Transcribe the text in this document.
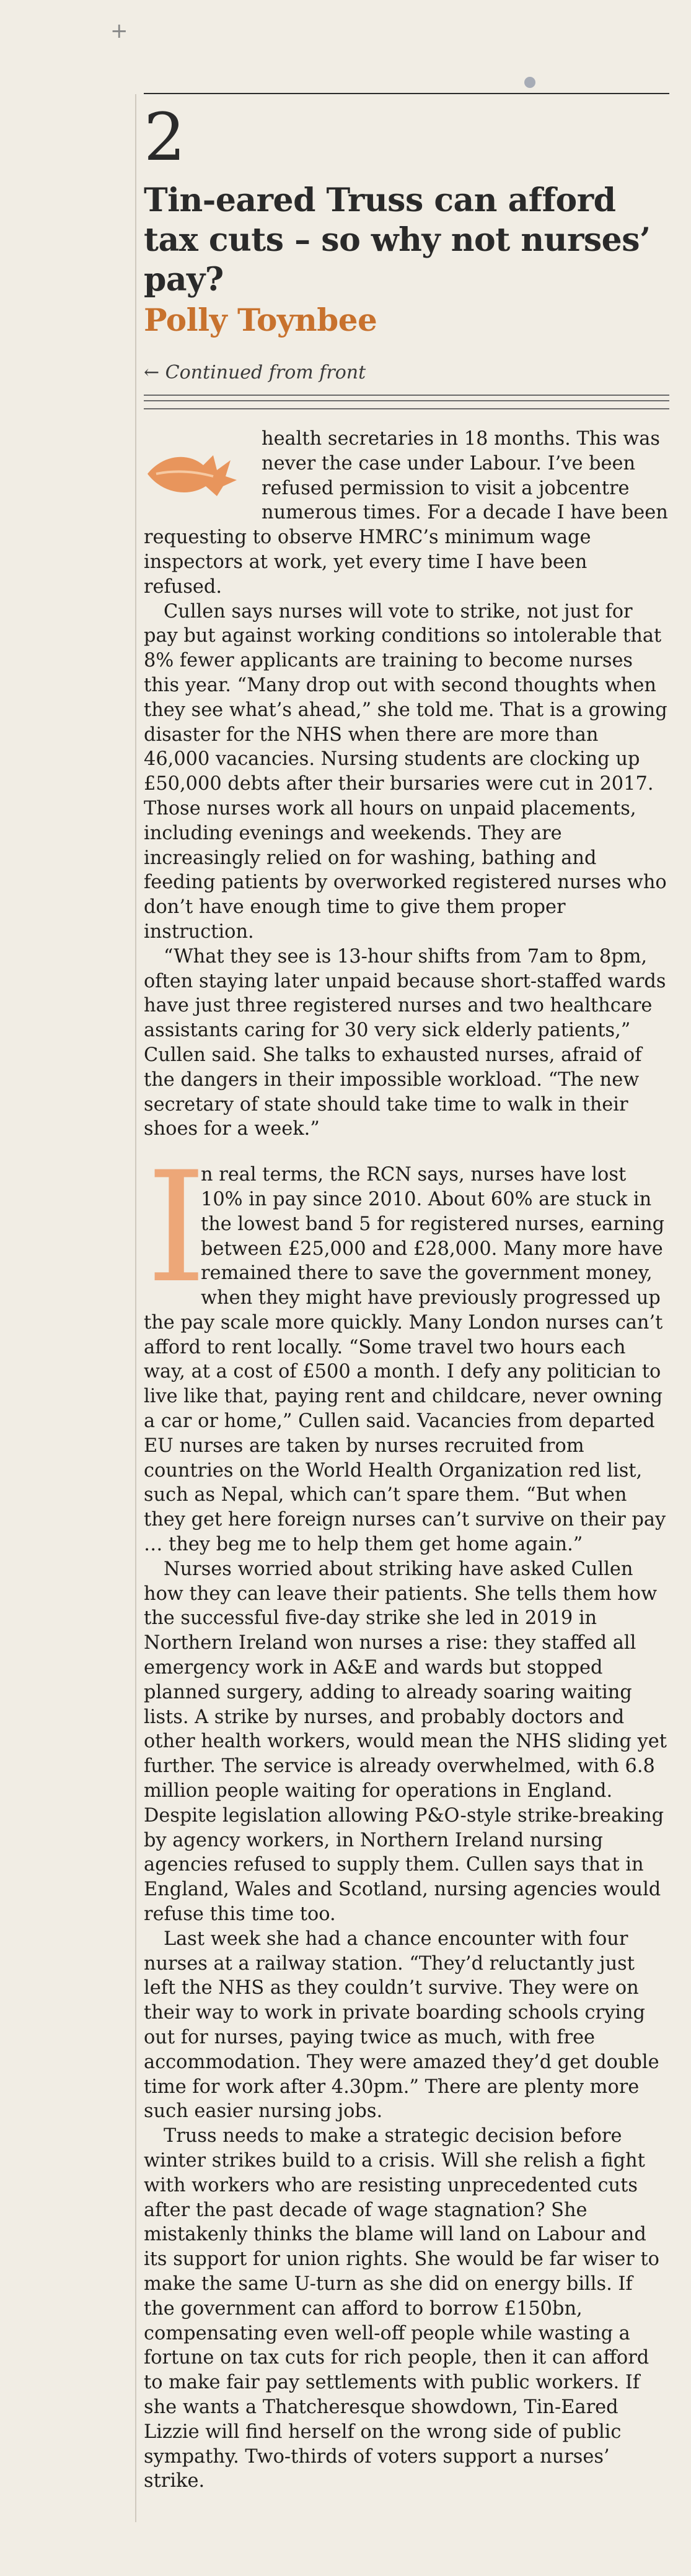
+
2
Tin-eared Truss can afford tax cuts – so why not nurses’ pay?
Polly Toynbee
← Continued from front

health secretaries in 18 months. This was never the case under Labour. I’ve been refused permission to visit a jobcentre numerous times. For a decade I have been requesting to observe HMRC’s minimum wage inspectors at work, yet every time I have been refused.

Cullen says nurses will vote to strike, not just for pay but against working conditions so intolerable that 8% fewer applicants are training to become nurses this year. “Many drop out with second thoughts when they see what’s ahead,” she told me. That is a growing disaster for the NHS when there are more than 46,000 vacancies. Nursing students are clocking up £50,000 debts after their bursaries were cut in 2017. Those nurses work all hours on unpaid placements, including evenings and weekends. They are increasingly relied on for washing, bathing and feeding patients by overworked registered nurses who don’t have enough time to give them proper instruction.

“What they see is 13-hour shifts from 7am to 8pm, often staying later unpaid because short-staffed wards have just three registered nurses and two healthcare assistants caring for 30 very sick elderly patients,” Cullen said. She talks to exhausted nurses, afraid of the dangers in their impossible workload. “The new secretary of state should take time to walk in their shoes for a week.”

I
n real terms, the RCN says, nurses have lost 10% in pay since 2010. About 60% are stuck in the lowest band 5 for registered nurses, earning between £25,000 and £28,000. Many more have remained there to save the government money, when they might have previously progressed up the pay scale more quickly. Many London nurses can’t afford to rent locally. “Some travel two hours each way, at a cost of £500 a month. I defy any politician to live like that, paying rent and childcare, never owning a car or home,” Cullen said. Vacancies from departed EU nurses are taken by nurses recruited from countries on the World Health Organization red list, such as Nepal, which can’t spare them. “But when they get here foreign nurses can’t survive on their pay … they beg me to help them get home again.”

Nurses worried about striking have asked Cullen how they can leave their patients. She tells them how the successful five-day strike she led in 2019 in Northern Ireland won nurses a rise: they staffed all emergency work in A&E and wards but stopped planned surgery, adding to already soaring waiting lists. A strike by nurses, and probably doctors and other health workers, would mean the NHS sliding yet further. The service is already overwhelmed, with 6.8 million people waiting for operations in England. Despite legislation allowing P&O-style strike-breaking by agency workers, in Northern Ireland nursing agencies refused to supply them. Cullen says that in England, Wales and Scotland, nursing agencies would refuse this time too.

Last week she had a chance encounter with four nurses at a railway station. “They’d reluctantly just left the NHS as they couldn’t survive. They were on their way to work in private boarding schools crying out for nurses, paying twice as much, with free accommodation. They were amazed they’d get double time for work after 4.30pm.” There are plenty more such easier nursing jobs.

Truss needs to make a strategic decision before winter strikes build to a crisis. Will she relish a fight with workers who are resisting unprecedented cuts after the past decade of wage stagnation? She mistakenly thinks the blame will land on Labour and its support for union rights. She would be far wiser to make the same U-turn as she did on energy bills. If the government can afford to borrow £150bn, compensating even well-off people while wasting a fortune on tax cuts for rich people, then it can afford to make fair pay settlements with public workers. If she wants a Thatcheresque showdown, Tin-Eared Lizzie will find herself on the wrong side of public sympathy. Two-thirds of voters support a nurses’ strike.
